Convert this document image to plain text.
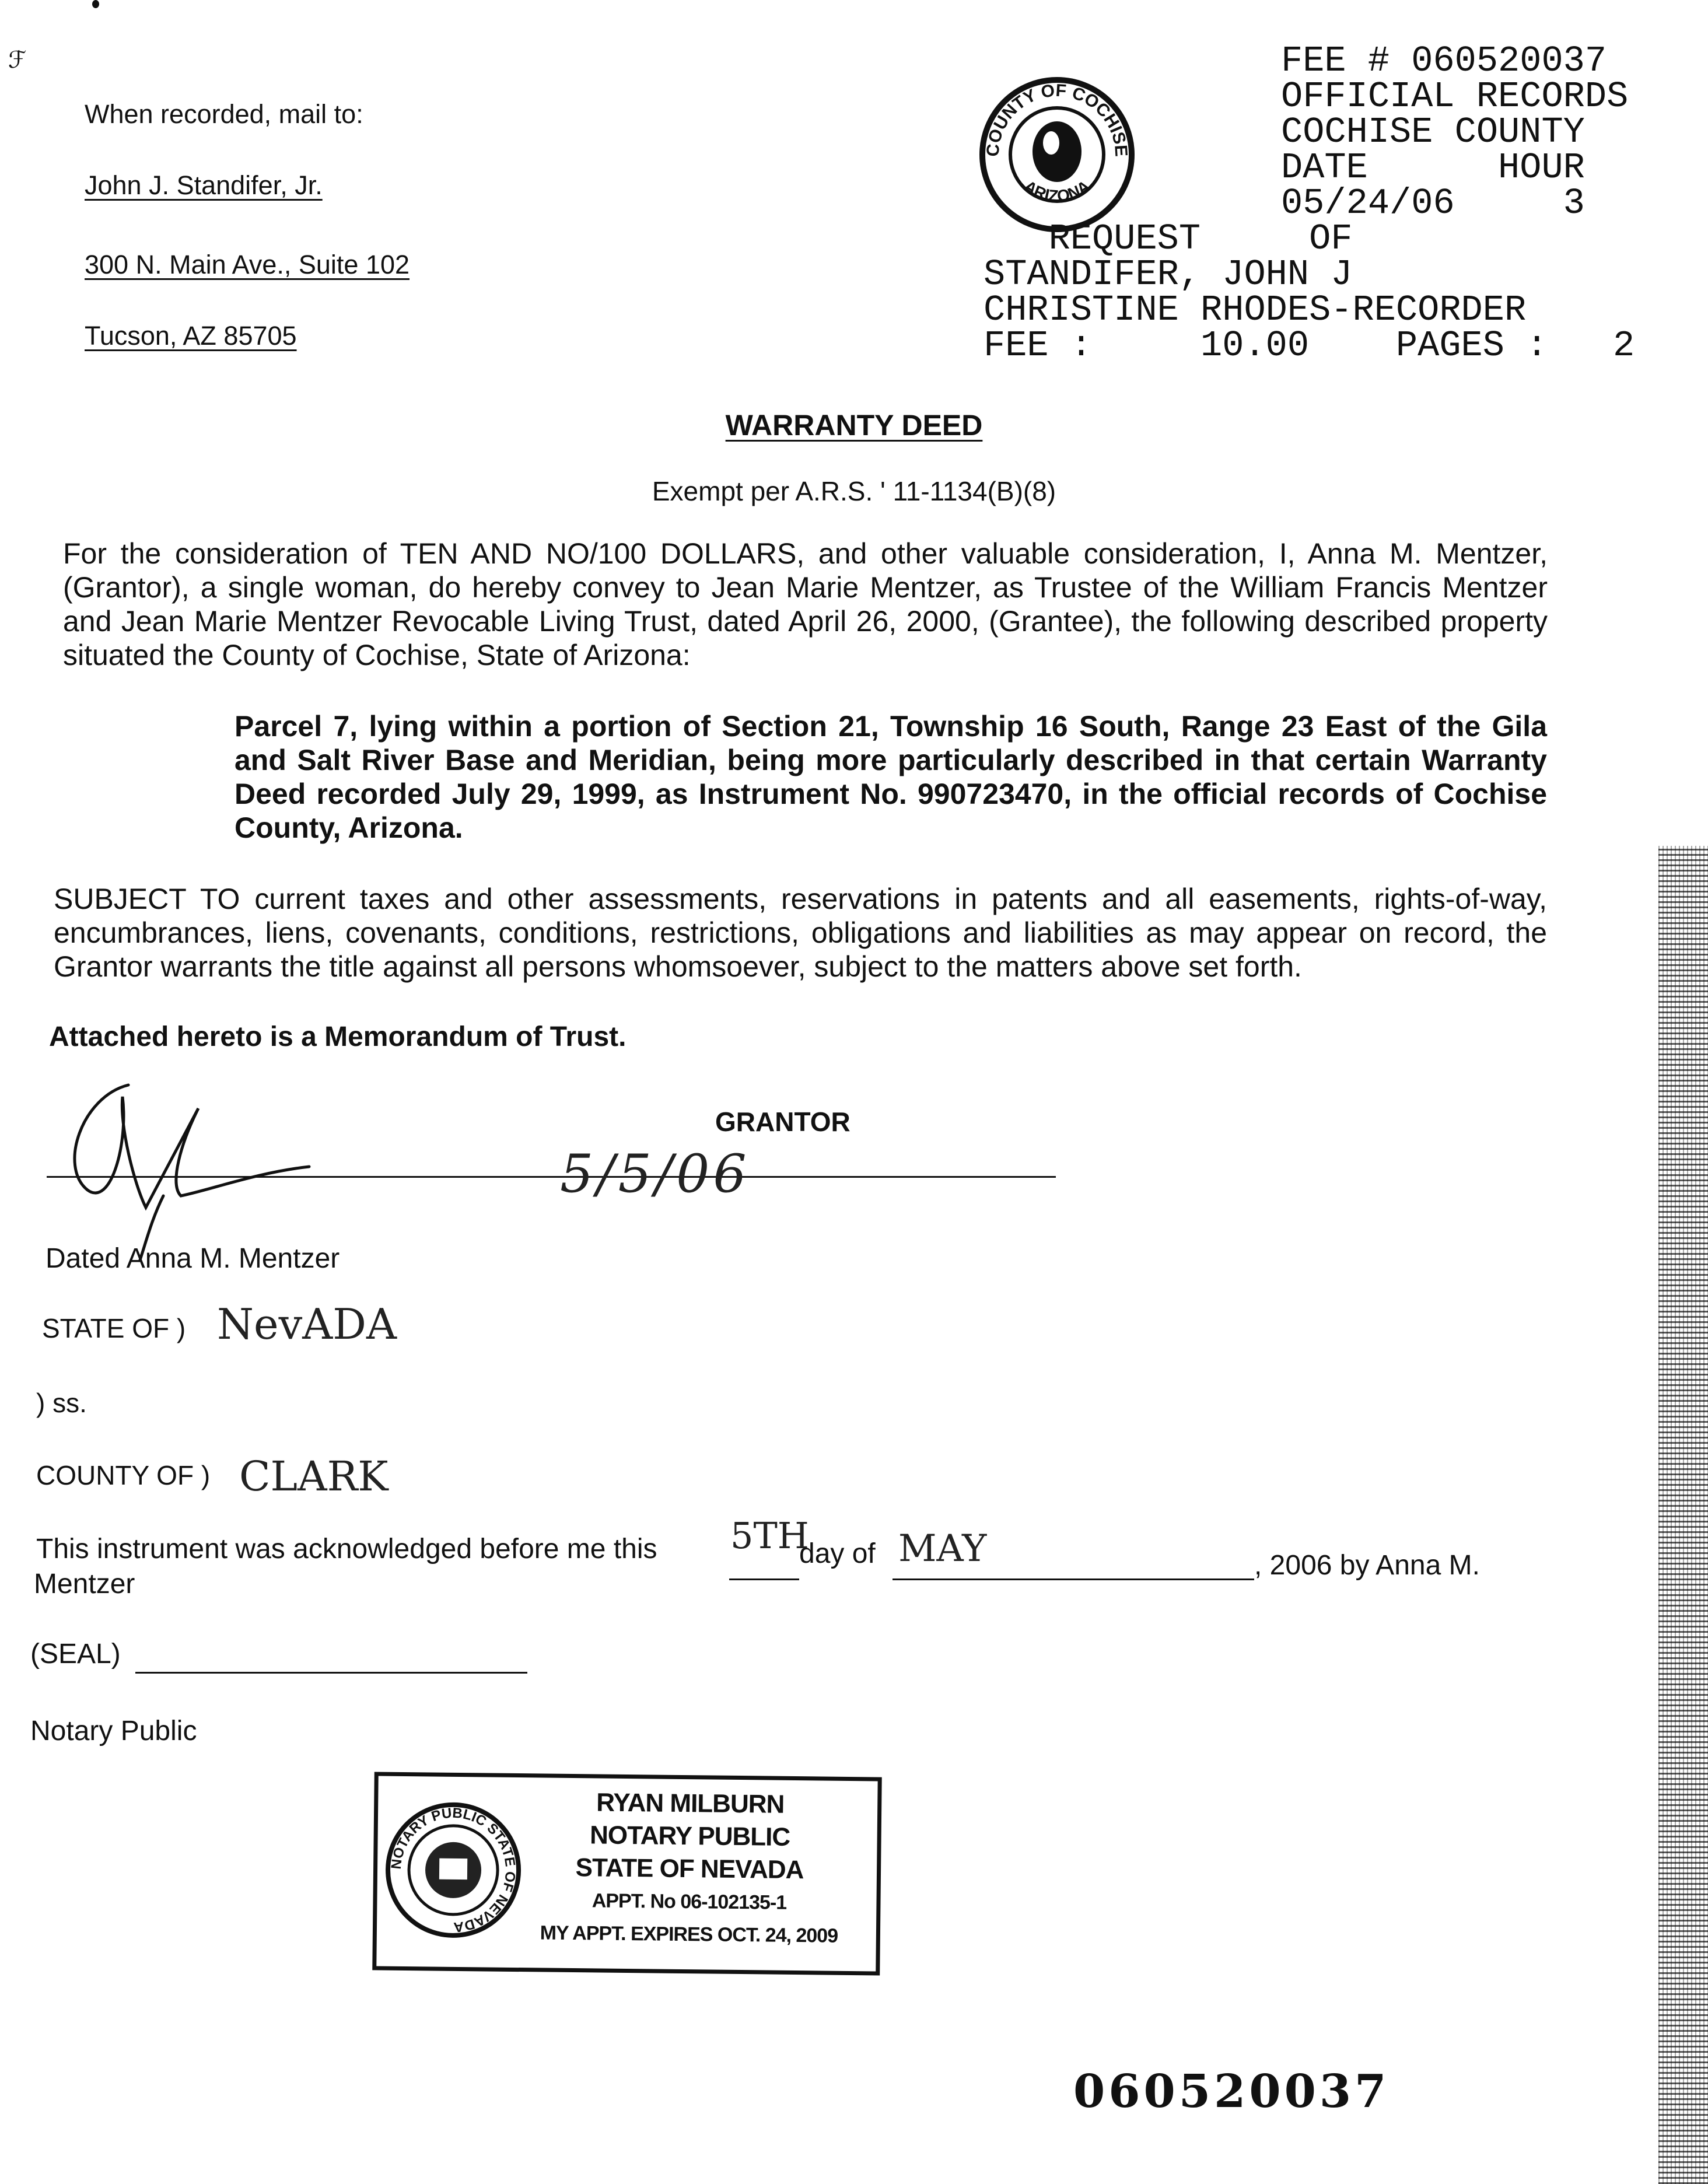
ℱ
When recorded, mail to:
John J. Standifer, Jr.
300 N. Main Ave., Suite 102
Tucson, AZ 85705
COUNTY OF COCHISE
ARIZONA
FEE # 060520037
OFFICIAL RECORDS
COCHISE COUNTY
DATE      HOUR
05/24/06     3
REQUEST     OF
STANDIFER, JOHN J
CHRISTINE RHODES-RECORDER
FEE :     10.00    PAGES :   2
WARRANTY DEED
Exempt per A.R.S. ' 11-1134(B)(8)
For the consideration of TEN AND NO/100 DOLLARS, and other valuable consideration, I, Anna M. Mentzer, (Grantor), a single woman, do hereby convey to Jean Marie Mentzer, as Trustee of the William Francis Mentzer and Jean Marie Mentzer Revocable Living Trust, dated April 26, 2000, (Grantee), the following described property situated the County of Cochise, State of Arizona:
Parcel 7, lying within a portion of Section 21, Township 16 South, Range 23 East of the Gila and Salt River Base and Meridian, being more particularly described in that certain Warranty Deed recorded July 29, 1999, as Instrument No. 990723470, in the official records of Cochise County, Arizona.
SUBJECT TO current taxes and other assessments, reservations in patents and all easements, rights-of-way, encumbrances, liens, covenants, conditions, restrictions, obligations and liabilities as may appear on record, the Grantor warrants the title against all persons whomsoever, subject to the matters above set forth.
Attached hereto is a Memorandum of Trust.
GRANTOR
5/5/06
Dated Anna M. Mentzer
STATE OF ) NevADA
) ss.
COUNTY OF ) CLARK
This instrument was acknowledged before me this 5TH
day of MAY	, 2006 by Anna M.
Mentzer
(SEAL)
Notary Public
NOTARY PUBLIC STATE OF NEVADA
RYAN MILBURN
NOTARY PUBLIC
STATE OF NEVADA
APPT. No 06-102135-1
MY APPT. EXPIRES OCT. 24, 2009
060520037
